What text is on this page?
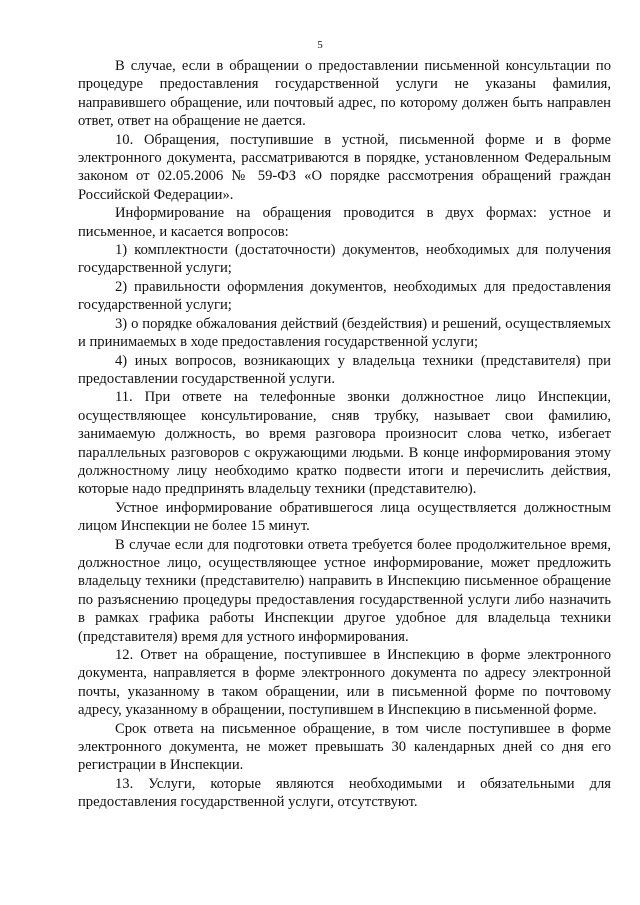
5

В случае, если в обращении о предоставлении письменной консультации по процедуре предоставления государственной услуги не указаны фамилия, направившего обращение, или почтовый адрес, по которому должен быть направлен ответ, ответ на обращение не дается.

10. Обращения, поступившие в устной, письменной форме и в форме электронного документа, рассматриваются в порядке, установленном Федеральным законом от 02.05.2006 № 59-ФЗ «О порядке рассмотрения обращений граждан Российской Федерации».

Информирование на обращения проводится в двух формах: устное и письменное, и касается вопросов:

1) комплектности (достаточности) документов, необходимых для получения государственной услуги;

2) правильности оформления документов, необходимых для предоставления государственной услуги;

3) о порядке обжалования действий (бездействия) и решений, осуществляемых и принимаемых в ходе предоставления государственной услуги;

4) иных вопросов, возникающих у владельца техники (представителя) при предоставлении государственной услуги.

11. При ответе на телефонные звонки должностное лицо Инспекции, осуществляющее консультирование, сняв трубку, называет свои фамилию, занимаемую должность, во время разговора произносит слова четко, избегает параллельных разговоров с окружающими людьми. В конце информирования этому должностному лицу необходимо кратко подвести итоги и перечислить действия, которые надо предпринять владельцу техники (представителю).

Устное информирование обратившегося лица осуществляется должностным лицом Инспекции не более 15 минут.

В случае если для подготовки ответа требуется более продолжительное время, должностное лицо, осуществляющее устное информирование, может предложить владельцу техники (представителю) направить в Инспекцию письменное обращение по разъяснению процедуры предоставления государственной услуги либо назначить в рамках графика работы Инспекции другое удобное для владельца техники (представителя) время для устного информирования.

12. Ответ на обращение, поступившее в Инспекцию в форме электронного документа, направляется в форме электронного документа по адресу электронной почты, указанному в таком обращении, или в письменной форме по почтовому адресу, указанному в обращении, поступившем в Инспекцию в письменной форме.

Срок ответа на письменное обращение, в том числе поступившее в форме электронного документа, не может превышать 30 календарных дней со дня его регистрации в Инспекции.

13. Услуги, которые являются необходимыми и обязательными для предоставления государственной услуги, отсутствуют.
